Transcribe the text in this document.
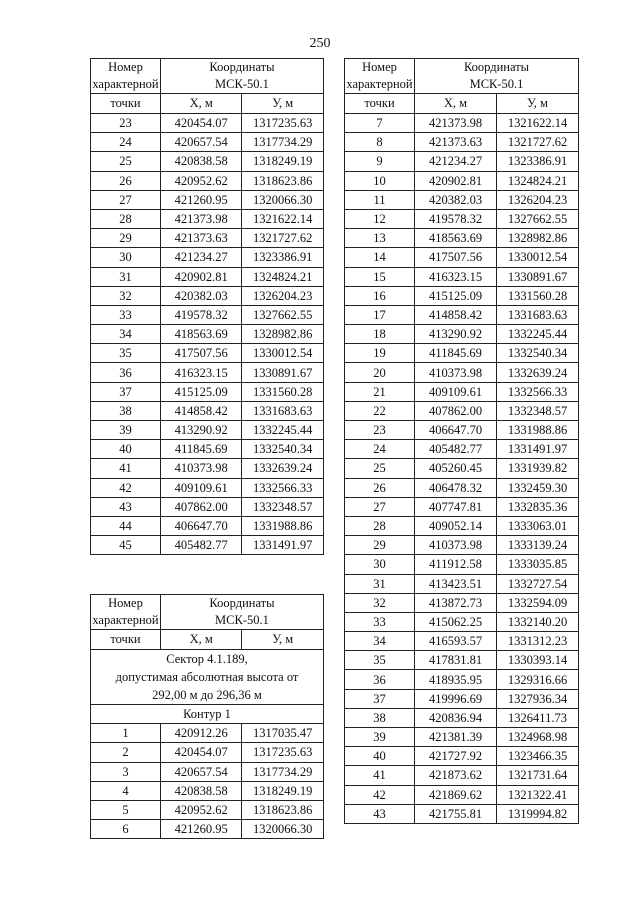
250
Номер
характерной	Координаты
МСК-50.1	

точки	X, м	У, м
23	420454.07	1317235.63
24	420657.54	1317734.29
25	420838.58	1318249.19
26	420952.62	1318623.86
27	421260.95	1320066.30
28	421373.98	1321622.14
29	421373.63	1321727.62
30	421234.27	1323386.91
31	420902.81	1324824.21
32	420382.03	1326204.23
33	419578.32	1327662.55
34	418563.69	1328982.86
35	417507.56	1330012.54
36	416323.15	1330891.67
37	415125.09	1331560.28
38	414858.42	1331683.63
39	413290.92	1332245.44
40	411845.69	1332540.34
41	410373.98	1332639.24
42	409109.61	1332566.33
43	407862.00	1332348.57
44	406647.70	1331988.86
45	405482.77	1331491.97
Номер
характерной	Координаты
МСК-50.1	

точки	X, м	У, м
7	421373.98	1321622.14
8	421373.63	1321727.62
9	421234.27	1323386.91
10	420902.81	1324824.21
11	420382.03	1326204.23
12	419578.32	1327662.55
13	418563.69	1328982.86
14	417507.56	1330012.54
15	416323.15	1330891.67
16	415125.09	1331560.28
17	414858.42	1331683.63
18	413290.92	1332245.44
19	411845.69	1332540.34
20	410373.98	1332639.24
21	409109.61	1332566.33
22	407862.00	1332348.57
23	406647.70	1331988.86
24	405482.77	1331491.97
25	405260.45	1331939.82
26	406478.32	1332459.30
27	407747.81	1332835.36
28	409052.14	1333063.01
29	410373.98	1333139.24
30	411912.58	1333035.85
31	413423.51	1332727.54
32	413872.73	1332594.09
33	415062.25	1332140.20
34	416593.57	1331312.23
35	417831.81	1330393.14
36	418935.95	1329316.66
37	419996.69	1327936.34
38	420836.94	1326411.73
39	421381.39	1324968.98
40	421727.92	1323466.35
41	421873.62	1321731.64
42	421869.62	1321322.41
43	421755.81	1319994.82
Номер
характерной	Координаты
МСК-50.1	

точки	X, м	У, м
Сектор 4.1.189,
допустимая абсолютная высота от
292,00 м до 296,36 м		
Контур 1		
1	420912.26	1317035.47
2	420454.07	1317235.63
3	420657.54	1317734.29
4	420838.58	1318249.19
5	420952.62	1318623.86
6	421260.95	1320066.30
